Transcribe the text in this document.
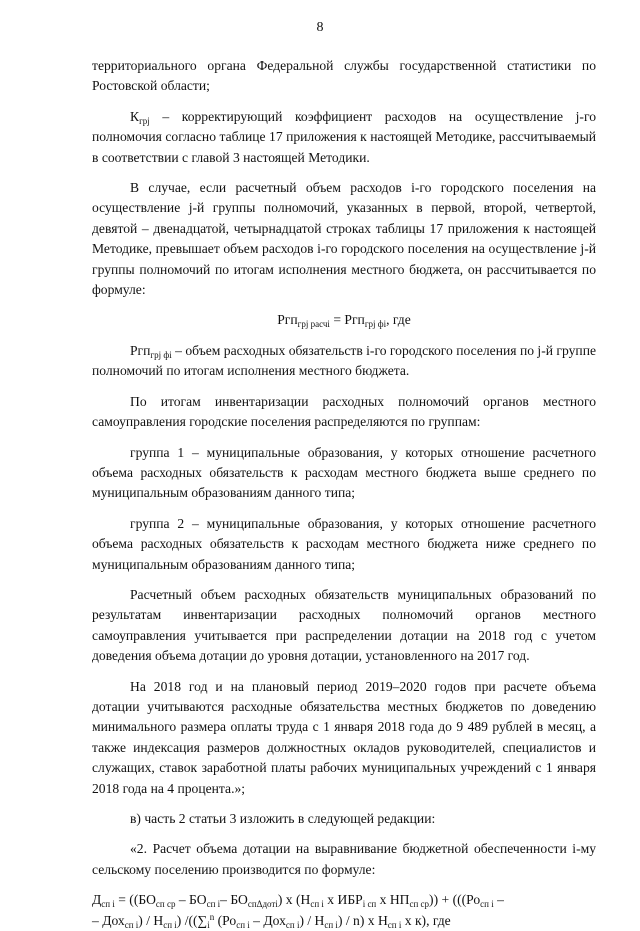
8

территориального органа Федеральной службы государственной статистики по Ростовской области;

$К_{грj}$ – корректирующий коэффициент расходов на осуществление j-го полномочия согласно таблице 17 приложения к настоящей Методике, рассчитываемый в соответствии с главой 3 настоящей Методики.

В случае, если расчетный объем расходов i-го городского поселения на осуществление j-й группы полномочий, указанных в первой, второй, четвертой, девятой – двенадцатой, четырнадцатой строках таблицы 17 приложения к настоящей Методике, превышает объем расходов i-го городского поселения на осуществление j-й группы полномочий по итогам исполнения местного бюджета, он рассчитывается по формуле:

Ргп$_{грj расчi}$ = Ргп$_{грj фi}$, где

Ргп$_{грj фi}$ – объем расходных обязательств i-го городского поселения по j-й группе полномочий по итогам исполнения местного бюджета.

По итогам инвентаризации расходных полномочий органов местного самоуправления городские поселения распределяются по группам:

группа 1 – муниципальные образования, у которых отношение расчетного объема расходных обязательств к расходам местного бюджета выше среднего по муниципальным образованиям данного типа;

группа 2 – муниципальные образования, у которых отношение расчетного объема расходных обязательств к расходам местного бюджета ниже среднего по муниципальным образованиям данного типа;

Расчетный объем расходных обязательств муниципальных образований по результатам инвентаризации расходных полномочий органов местного самоуправления учитывается при распределении дотации на 2018 год с учетом доведения объема дотации до уровня дотации, установленного на 2017 год.

На 2018 год и на плановый период 2019–2020 годов при расчете объема дотации учитываются расходные обязательства местных бюджетов по доведению минимального размера оплаты труда с 1 января 2018 года до 9 489 рублей в месяц, а также индексация размеров должностных окладов руководителей, специалистов и служащих, ставок заработной платы рабочих муниципальных учреждений с 1 января 2018 года на 4 процента.»;

в) часть 2 статьи 3 изложить в следующей редакции:

«2. Расчет объема дотации на выравнивание бюджетной обеспеченности i-му сельскому поселению производится по формуле:

$Д_{сп i} = ((БО_{сп ср} - БО_{сп i}-$ $БО_{сп\Delta дотi}$) х ($Н_{сп i}$ х $ИБР_{i сп}$ х $НП_{сп ср})) + (((Ро_{сп i}$ –
– $Дох_{сп i}) / Н_{сп i}$) $/((\sum_i^n$ $(Ро_{сп i} - Дох_{сп i}) / Н_{сп i}) / n$) х $Н_{сп i}$ х к), где
